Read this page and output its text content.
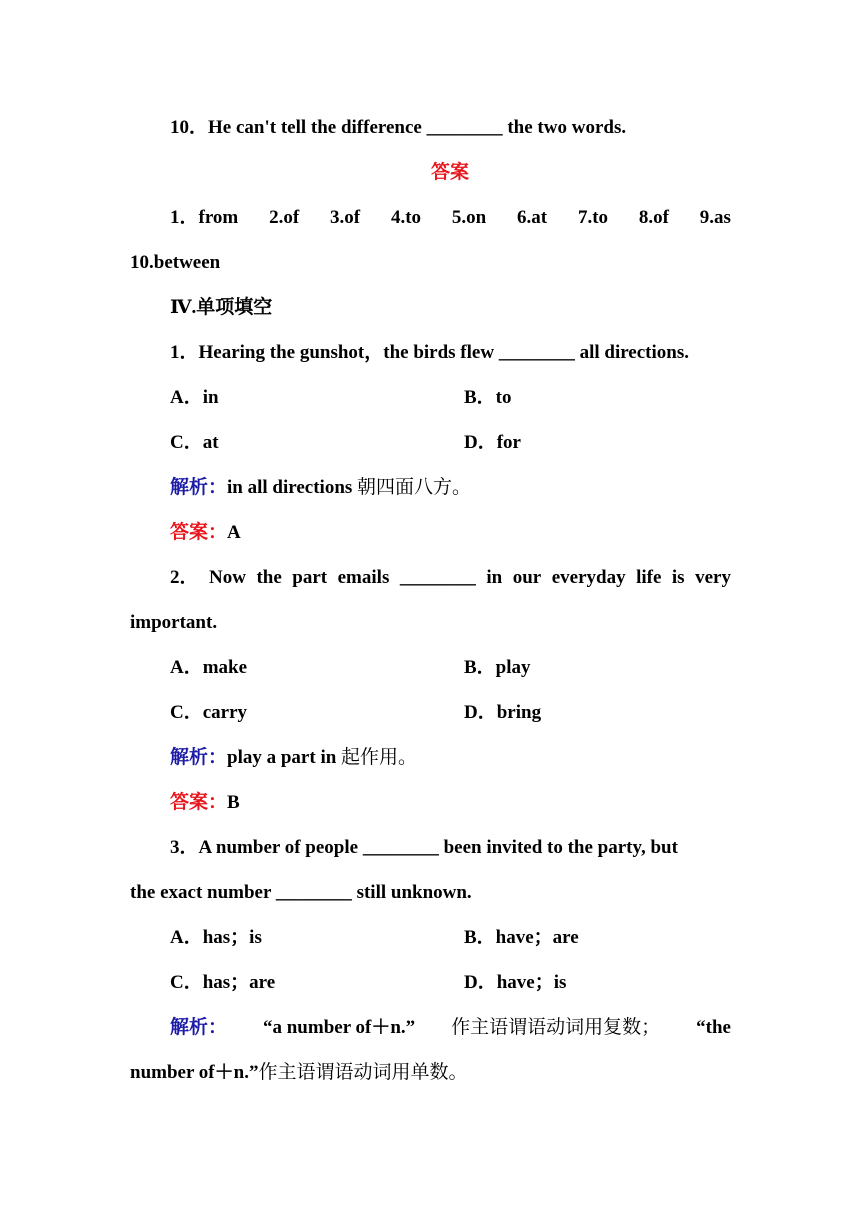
10．He can't tell the difference ________ the two words.
答案
1．from 2.of 3.of 4.to 5.on 6.at 7.to 8.of 9.as
10.between
Ⅳ.单项填空
1．Hearing the gunshot，the birds flew ________ all directions.
A．in	B．to
C．at	D．for
解析：in all directions 朝四面八方。
答案：A
2． Now the part emails ________ in our everyday life is very
important.
A．make	B．play
C．carry	D．bring
解析：play a part in 起作用。
答案：B
3．A number of people ________ been invited to the party, but
the exact number ________ still unknown.
A．has；is	B．have；are
C．has；are	D．have；is
解析： “a number of＋n.” 作主语谓语动词用复数； “the
number of＋n.”作主语谓语动词用单数。
